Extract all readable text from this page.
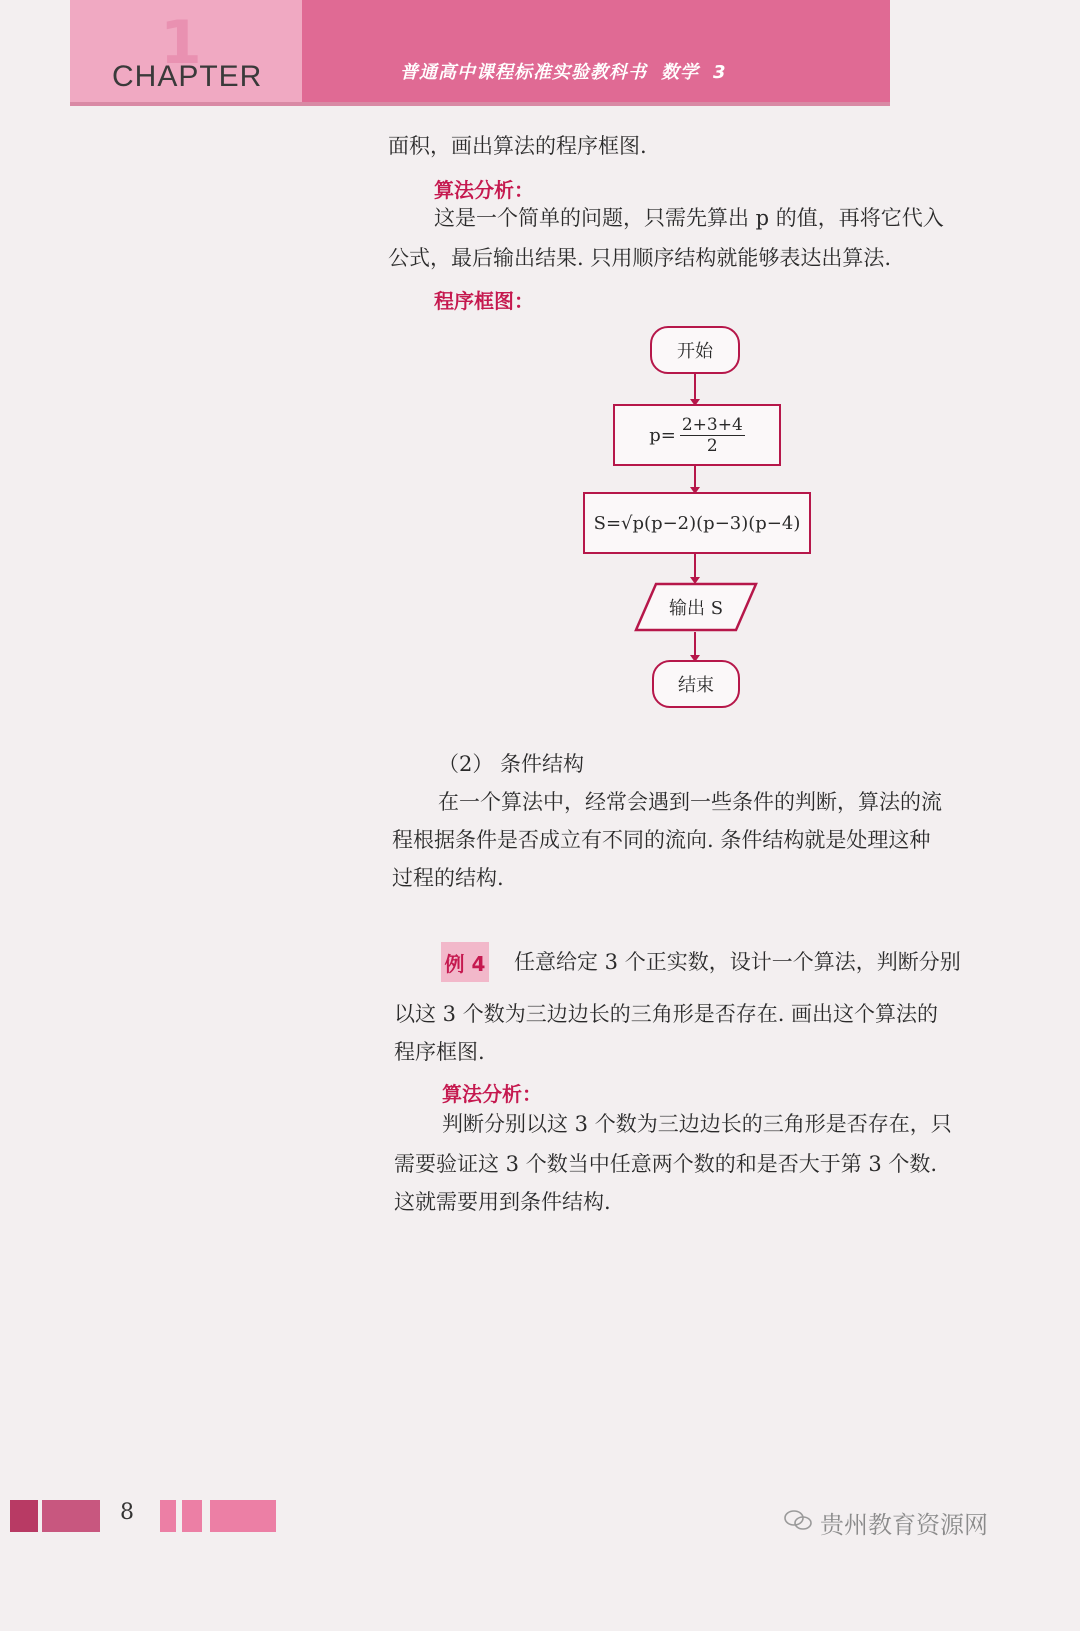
1
CHAPTER	普通高中课程标准实验教科书 数学 3
面积，画出算法的程序框图.
算法分析：
这是一个简单的问题，只需先算出 p 的值，再将它代入
公式，最后输出结果. 只用顺序结构就能够表达出算法.
程序框图：
开始
$p= \frac{2+3+4}{2}$
S=√p(p−2)(p−3)(p−4)
输出 S
结束
（2） 条件结构
在一个算法中，经常会遇到一些条件的判断，算法的流
程根据条件是否成立有不同的流向. 条件结构就是处理这种
过程的结构.
例 4 任意给定 3 个正实数，设计一个算法，判断分别
以这 3 个数为三边边长的三角形是否存在. 画出这个算法的
程序框图.
算法分析：
判断分别以这 3 个数为三边边长的三角形是否存在，只
需要验证这 3 个数当中任意两个数的和是否大于第 3 个数.
这就需要用到条件结构.
8	贵州教育资源网
